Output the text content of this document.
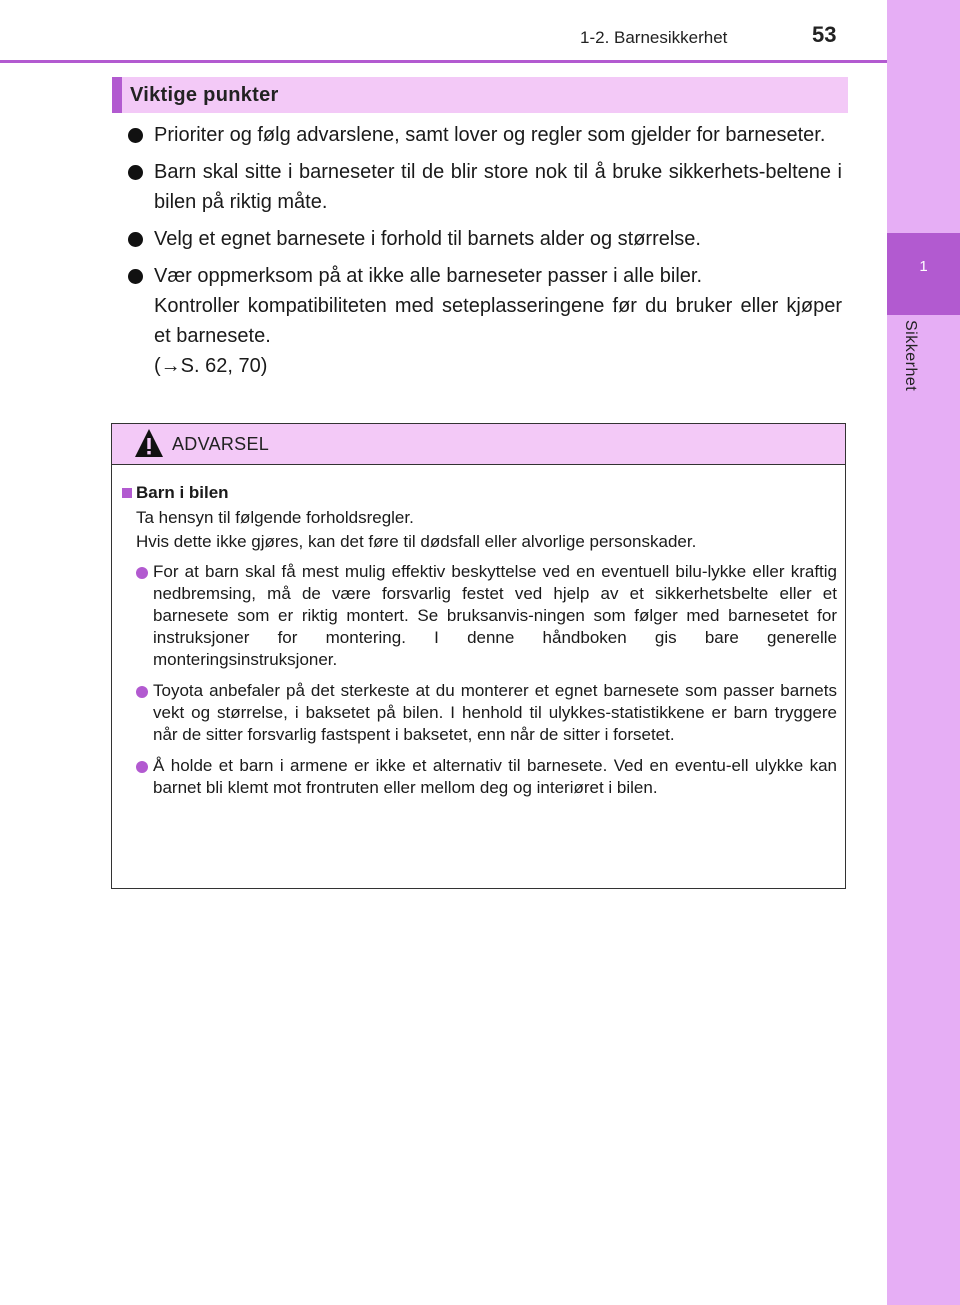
1
Sikkerhet
1-2. Barnesikkerhet	53
Viktige punkter
Prioriter og følg advarslene, samt lover og regler som gjelder for barneseter.
Barn skal sitte i barneseter til de blir store nok til å bruke sikkerhets-beltene i bilen på riktig måte.
Velg et egnet barnesete i forhold til barnets alder og størrelse.
Vær oppmerksom på at ikke alle barneseter passer i alle biler.
Kontroller kompatibiliteten med seteplasseringene før du bruker eller kjøper et barnesete.
(→S. 62, 70)
ADVARSEL
Barn i bilen
Ta hensyn til følgende forholdsregler.
Hvis dette ikke gjøres, kan det føre til dødsfall eller alvorlige personskader.
For at barn skal få mest mulig effektiv beskyttelse ved en eventuell bilu-lykke eller kraftig nedbremsing, må de være forsvarlig festet ved hjelp av et sikkerhetsbelte eller et barnesete som er riktig montert. Se bruksanvis-ningen som følger med barnesetet for instruksjoner for montering. I denne håndboken gis bare generelle monteringsinstruksjoner.
Toyota anbefaler på det sterkeste at du monterer et egnet barnesete som passer barnets vekt og størrelse, i baksetet på bilen. I henhold til ulykkes-statistikkene er barn tryggere når de sitter forsvarlig fastspent i baksetet, enn når de sitter i forsetet.
Å holde et barn i armene er ikke et alternativ til barnesete. Ved en eventu-ell ulykke kan barnet bli klemt mot frontruten eller mellom deg og interiøret i bilen.
